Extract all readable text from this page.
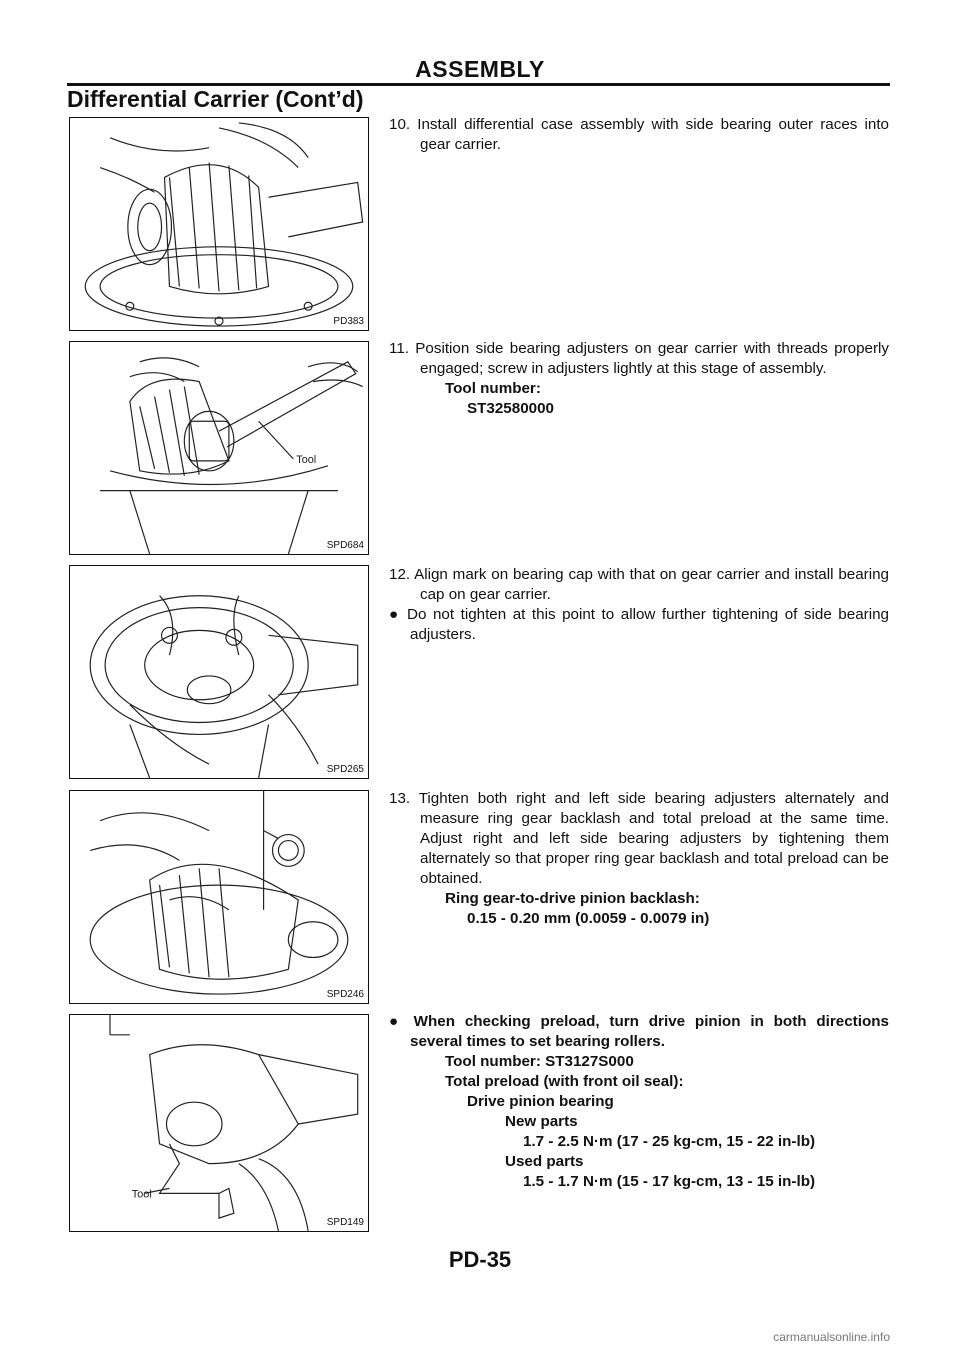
ASSEMBLY
Differential Carrier (Cont’d)
PD383
Tool
SPD684
SPD265
SPD246
Tool
SPD149
10. Install differential case assembly with side bearing outer races into gear carrier.
11. Position side bearing adjusters on gear carrier with threads properly engaged; screw in adjusters lightly at this stage of assembly.
Tool number:
ST32580000
12. Align mark on bearing cap with that on gear carrier and install bearing cap on gear carrier.
● Do not tighten at this point to allow further tightening of side bearing adjusters.
13. Tighten both right and left side bearing adjusters alternately and measure ring gear backlash and total preload at the same time. Adjust right and left side bearing adjusters by tightening them alternately so that proper ring gear backlash and total preload can be obtained.
Ring gear-to-drive pinion backlash:
0.15 - 0.20 mm (0.0059 - 0.0079 in)
● When checking preload, turn drive pinion in both directions several times to set bearing rollers.
Tool number: ST3127S000
Total preload (with front oil seal):
Drive pinion bearing
New parts
1.7 - 2.5 N·m (17 - 25 kg-cm, 15 - 22 in-lb)
Used parts
1.5 - 1.7 N·m (15 - 17 kg-cm, 13 - 15 in-lb)
PD-35
carmanualsonline.info
